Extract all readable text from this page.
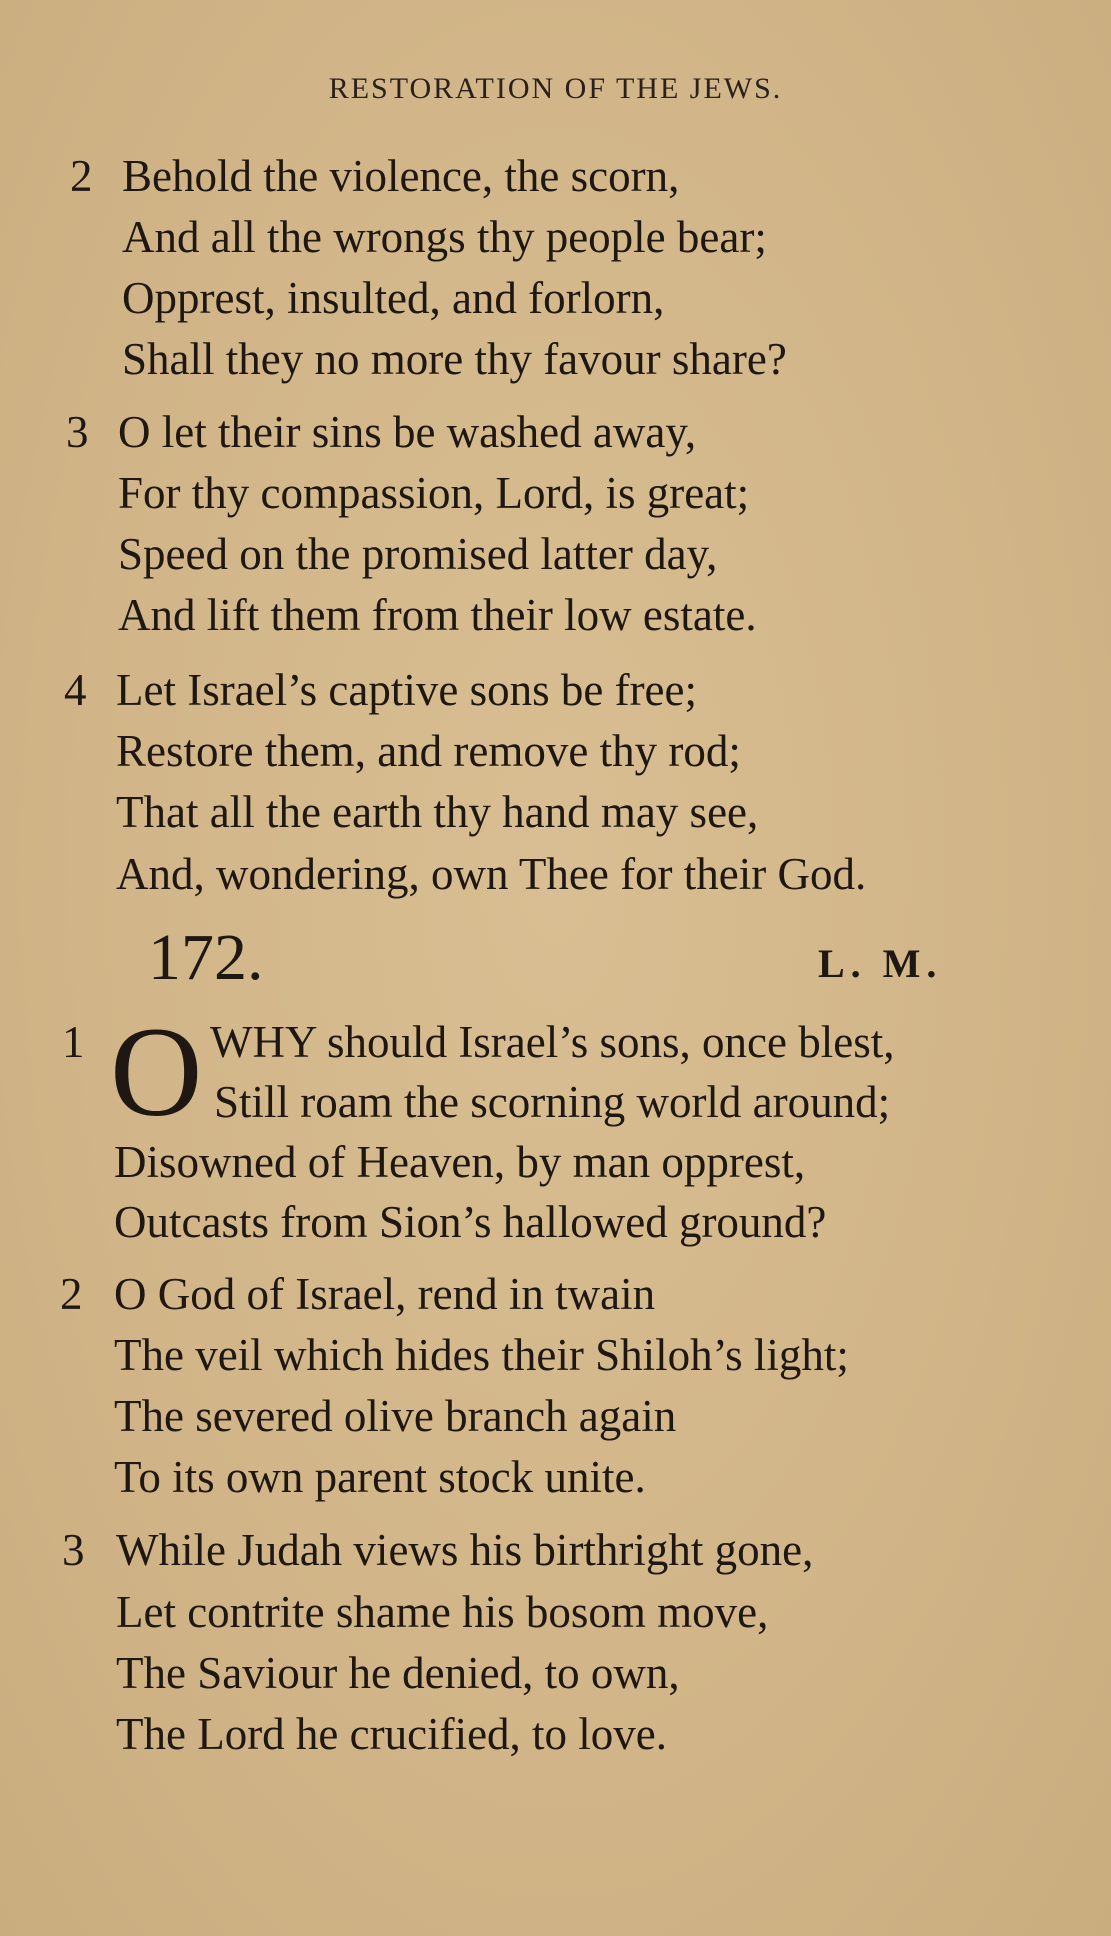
RESTORATION OF THE JEWS.
2 Behold the violence, the scorn,
And all the wrongs thy people bear;
Opprest, insulted, and forlorn,
Shall they no more thy favour share?
3 O let their sins be washed away,
For thy compassion, Lord, is great;
Speed on the promised latter day,
And lift them from their low estate.
4 Let Israel’s captive sons be free;
Restore them, and remove thy rod;
That all the earth thy hand may see,
And, wondering, own Thee for their God.
172.	L. M.
1 O WHY should Israel’s sons, once blest,
Still roam the scorning world around;
Disowned of Heaven, by man opprest,
Outcasts from Sion’s hallowed ground?
2 O God of Israel, rend in twain
The veil which hides their Shiloh’s light;
The severed olive branch again
To its own parent stock unite.
3 While Judah views his birthright gone,
Let contrite shame his bosom move,
The Saviour he denied, to own,
The Lord he crucified, to love.
